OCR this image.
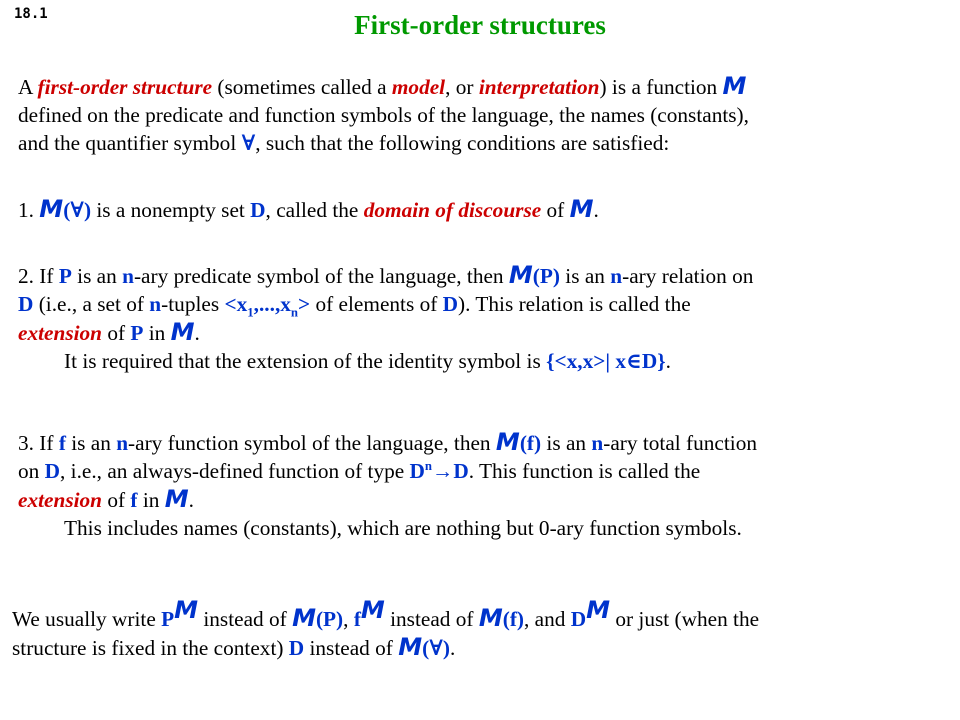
18.1	First-order structures
A first-order structure (sometimes called a model, or interpretation) is a function M
defined on the predicate and function symbols of the language, the names (constants),
and the quantifier symbol ∀, such that the following conditions are satisfied:
1. M(∀) is a nonempty set D, called the domain of discourse of M.
2. If P is an n-ary predicate symbol of the language, then M(P) is an n-ary relation on
D (i.e., a set of n-tuples $<x_1,...,x_n>$ of elements of D). This relation is called the
extension of P in M.
It is required that the extension of the identity symbol is {<x,x>| x∈D}.
3. If f is an n-ary function symbol of the language, then M(f) is an n-ary total function
on D, i.e., an always-defined function of type $D^n\to D$. This function is called the
extension of f in M.
This includes names (constants), which are nothing but 0-ary function symbols.
We usually write $P^M$ instead of M(P), $f^M$ instead of M(f), and $D^M$ or just (when the
structure is fixed in the context) D instead of M(∀).
